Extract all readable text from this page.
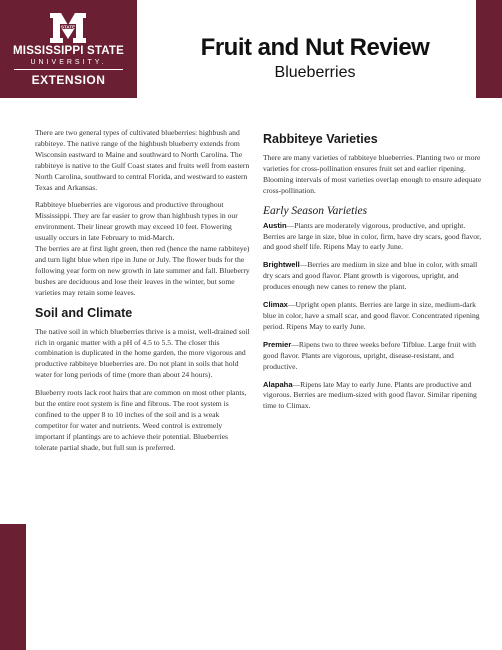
STATE
MISSISSIPPI STATE
UNIVERSITY.
EXTENSION
Fruit and Nut Review
Blueberries

There are two general types of cultivated blueberries: highbush and rabbiteye. The native range of the highbush blueberry extends from Wisconsin eastward to Maine and southward to North Carolina. The rabbiteye is native to the Gulf Coast states and fruits well from eastern North Carolina, southward to central Florida, and westward to eastern Texas and Arkansas.

Rabbiteye blueberries are vigorous and productive throughout Mississippi. They are far easier to grow than highbush types in our environment. Their linear growth may exceed 10 feet. Flowering usually occurs in late February to mid-March.

The berries are at first light green, then red (hence the name rabbiteye) and turn light blue when ripe in June or July. The flower buds for the following year form on new growth in late summer and fall. Blueberry bushes are deciduous and lose their leaves in the winter, but some varieties may retain some leaves.

Soil and Climate

The native soil in which blueberries thrive is a moist, well-drained soil rich in organic matter with a pH of 4.5 to 5.5. The closer this combination is duplicated in the home garden, the more vigorous and productive rabbiteye blueberries are. Do not plant in soils that hold water for long periods of time (more than about 24 hours).

Blueberry roots lack root hairs that are common on most other plants, but the entire root system is fine and fibrous. The root system is confined to the upper 8 to 10 inches of the soil and is a weak competitor for water and nutrients. Weed control is extremely important if plantings are to achieve their potential. Blueberries tolerate partial shade, but full sun is preferred.

Rabbiteye Varieties

There are many varieties of rabbiteye blueberries. Planting two or more varieties for cross-pollination ensures fruit set and earlier ripening. Blooming intervals of most varieties overlap enough to ensure adequate cross-pollination.

Early Season Varieties

Austin—Plants are moderately vigorous, productive, and upright. Berries are large in size, blue in color, firm, have dry scars, good flavor, and good shelf life. Ripens May to early June.

Brightwell—Berries are medium in size and blue in color, with small dry scars and good flavor. Plant growth is vigorous, upright, and produces enough new canes to renew the plant.

Climax—Upright open plants. Berries are large in size, medium-dark blue in color, have a small scar, and good flavor. Concentrated ripening period. Ripens May to early June.

Premier—Ripens two to three weeks before Tifblue. Large fruit with good flavor. Plants are vigorous, upright, disease-resistant, and productive.

Alapaha—Ripens late May to early June. Plants are productive and vigorous. Berries are medium-sized with good flavor. Similar ripening time to Climax.
